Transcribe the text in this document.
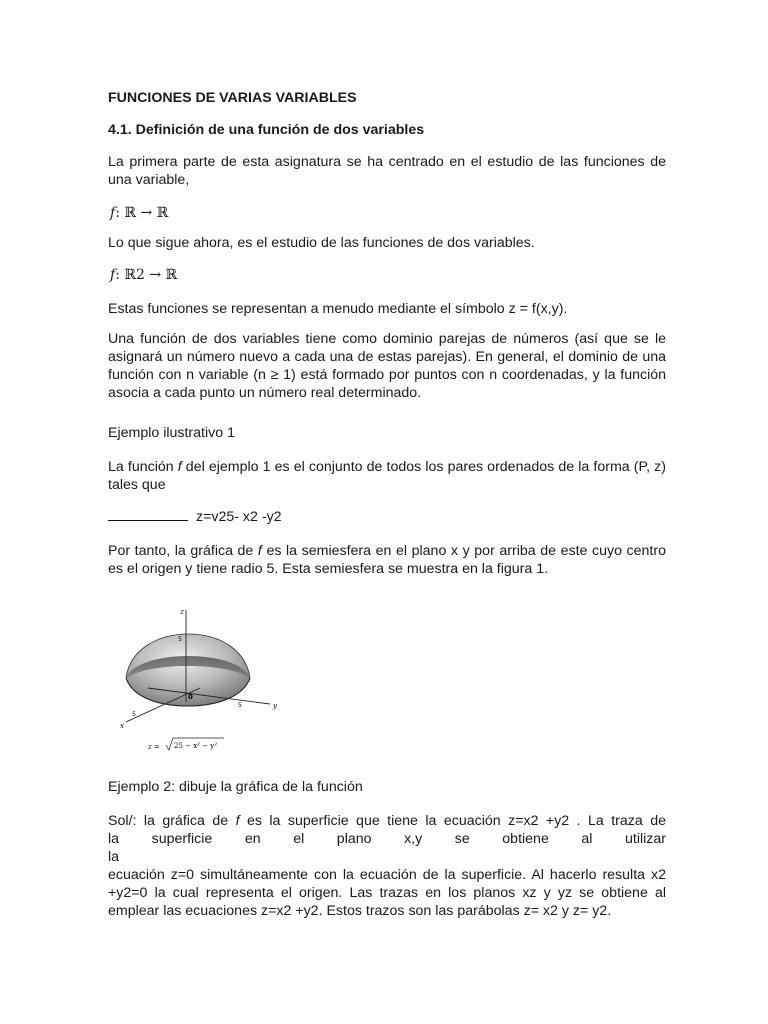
FUNCIONES DE VARIAS VARIABLES

4.1. Definición de una función de dos variables

La primera parte de esta asignatura se ha centrado en el estudio de las funciones de una variable,

f: ℝ → ℝ

Lo que sigue ahora, es el estudio de las funciones de dos variables.

f: ℝ2 → ℝ

Estas funciones se representan a menudo mediante el símbolo z = f(x,y).

Una función de dos variables tiene como dominio parejas de números (así que se le asignará un número nuevo a cada una de estas parejas). En general, el dominio de una función con n variable (n ≥ 1) está formado por puntos con n coordenadas, y la función asocia a cada punto un número real determinado.

Ejemplo ilustrativo 1

La función f del ejemplo 1 es el conjunto de todos los pares ordenados de la forma (P, z) tales que

z=v25- x2 -y2

Por tanto, la gráfica de f es la semiesfera en el plano x y por arriba de este cuyo centro es el origen y tiene radio 5. Esta semiesfera se muestra en la figura 1.

z
5
y
5
x
5
0
z = 25 − x² − y²

Ejemplo 2: dibuje la gráfica de la función

Sol/: la gráfica de f es la superficie que tiene la ecuación z=x2 +y2 . La traza de
la superficie en el plano x,y se obtiene al utilizar la
ecuación z=0 simultáneamente con la ecuación de la superficie. Al hacerlo resulta x2 +y2=0 la cual representa el origen. Las trazas en los planos xz y yz se obtiene al emplear las ecuaciones z=x2 +y2. Estos trazos son las parábolas z= x2 y z= y2.
